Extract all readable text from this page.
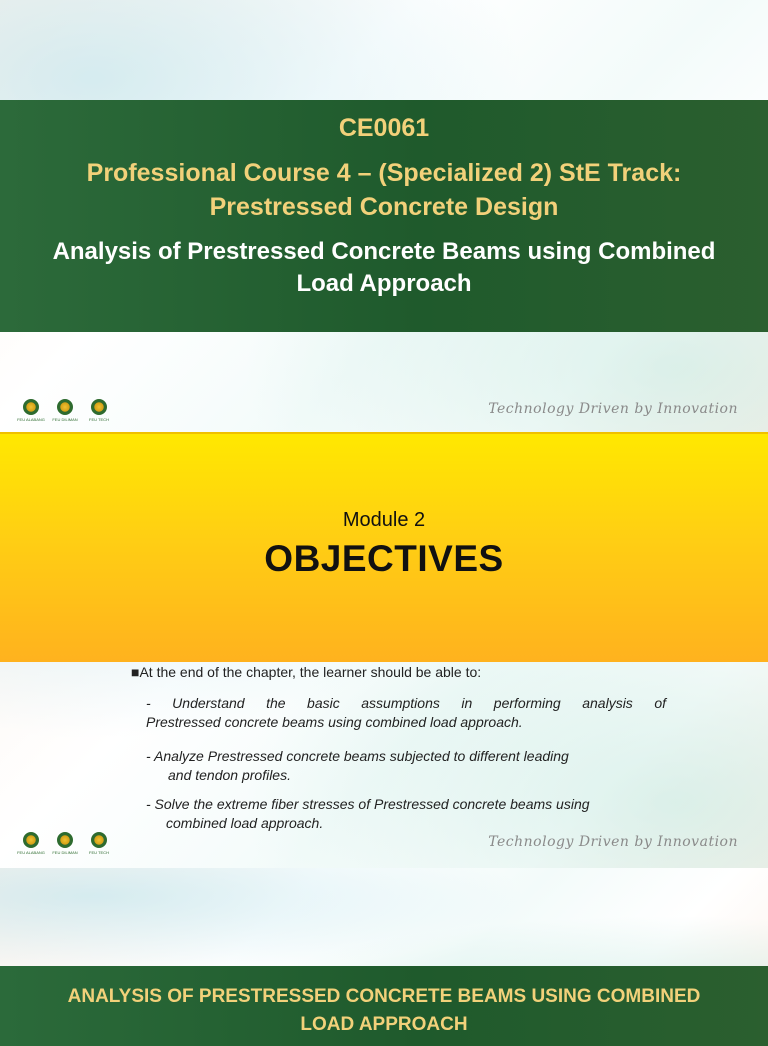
CE0061
Professional Course 4 – (Specialized 2) StE Track:
Prestressed Concrete Design
Analysis of Prestressed Concrete Beams using Combined
Load Approach
FEU ALABANG FEU DILIMAN	FEU TECH
Technology Driven by Innovation
Module 2
OBJECTIVES
■At the end of the chapter, the learner should be able to:
- Understand the basic assumptions in performing analysis of
Prestressed concrete beams using combined load approach.
- Analyze Prestressed concrete beams subjected to different leading
and tendon profiles.
- Solve the extreme fiber stresses of Prestressed concrete beams using
combined load approach.
FEU ALABANG FEU DILIMAN	FEU TECH
Technology Driven by Innovation
ANALYSIS OF PRESTRESSED CONCRETE BEAMS USING COMBINED
LOAD APPROACH
